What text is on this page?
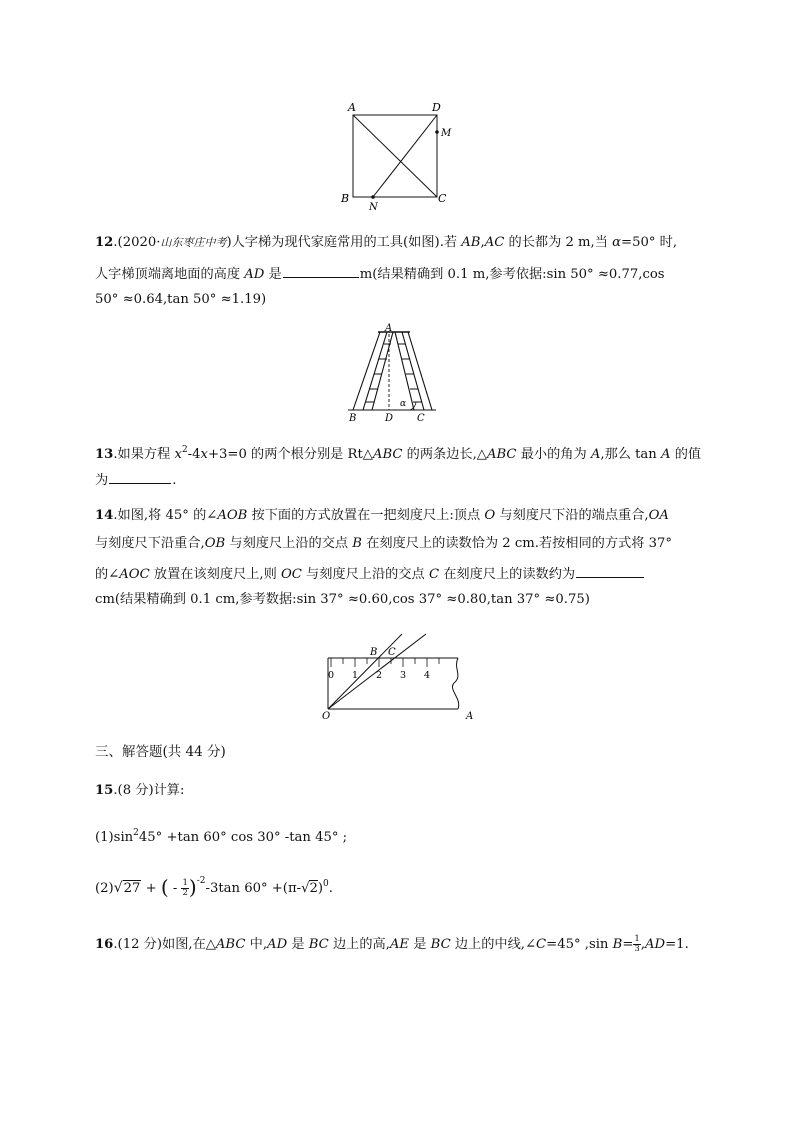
A	D
M
B
N
C
12.(2020·山东枣庄中考)人字梯为现代家庭常用的工具(如图).若 AB,AC 的长都为 2 m,当 α=50° 时,
人字梯顶端离地面的高度 AD 是	m(结果精确到 0.1 m,参考依据:sin 50° ≈0.77,cos
50° ≈0.64,tan 50° ≈1.19)
A
B	D
α
C
13.如果方程 $x^2-4x+3=0$ 的两个根分别是 Rt△ABC 的两条边长,△ABC 最小的角为 A,那么 tan A 的值
为	.
14.如图,将 45° 的∠AOB 按下面的方式放置在一把刻度尺上:顶点 O 与刻度尺下沿的端点重合,OA
与刻度尺下沿重合,OB 与刻度尺上沿的交点 B 在刻度尺上的读数恰为 2 cm.若按相同的方式将 37°
的∠AOC 放置在该刻度尺上,则 OC 与刻度尺上沿的交点 C 在刻度尺上的读数约为
cm(结果精确到 0.1 cm,参考数据:sin 37° ≈0.60,cos 37° ≈0.80,tan 37° ≈0.75)
B C
0 1 2 3 4
O	A
三、解答题(共 44 分)
15.(8 分)计算:
$(1)\sin^245^\circ +\tan$ 60° cos 30° -tan 45° ;
(2)√27 + ( - $\frac{1}{2} )^{-2}-3\tan$ $60^\circ +(\pi-√2)^0$.
16.(12 分)如图,在△ABC 中,AD 是 BC 边上的高,AE 是 BC 边上的中线,∠C=45° ,sin $B= \frac{1}{3} ,AD=1$.
